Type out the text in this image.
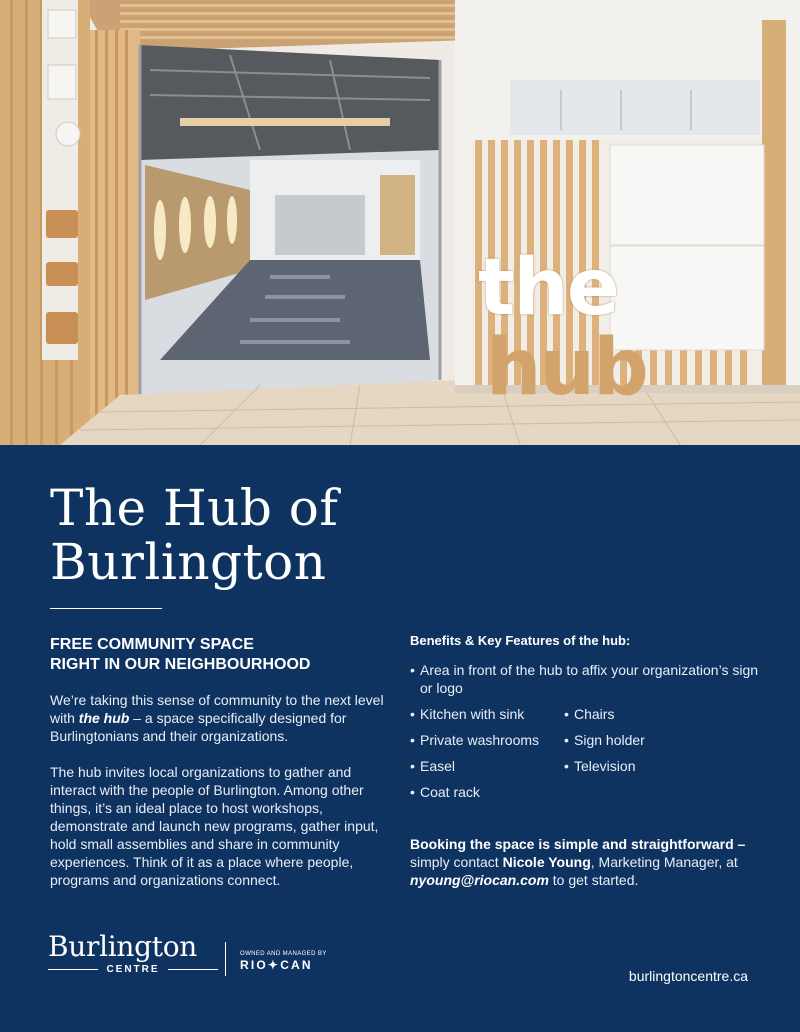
the hub
The Hub of
Burlington
FREE COMMUNITY SPACE
RIGHT IN OUR NEIGHBOURHOOD

We’re taking this sense of community to the next level with the hub – a space specifically designed for Burlingtonians and their organizations.

The hub invites local organizations to gather and interact with the people of Burlington. Among other things, it’s an ideal place to host workshops, demonstrate and launch new programs, gather input, hold small assemblies and share in community experiences. Think of it as a place where people, programs and organizations connect.

Benefits & Key Features of the hub:
• Area in front of the hub to affix your organization’s sign or logo
• Kitchen with sink	• Chairs
• Private washrooms	• Sign holder
• Easel	• Television
• Coat rack
Booking the space is simple and straightforward – simply contact Nicole Young, Marketing Manager, at nyoung@riocan.com to get started.
Burlington
CENTRE
OWNED AND MANAGED BY
RIO✦CAN
burlingtoncentre.ca
